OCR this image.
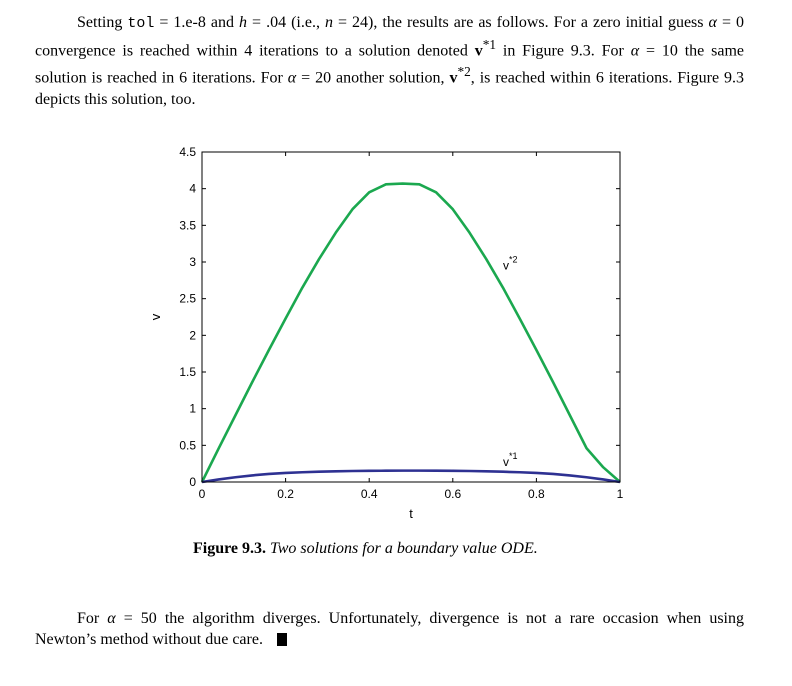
Setting tol = 1.e-8 and h = .04 (i.e., n = 24), the results are as follows. For a zero initial guess α = 0 convergence is reached within 4 iterations to a solution denoted $v^{*1}$ in Figure 9.3. For α = 10 the same solution is reached in 6 iterations. For α = 20 another solution, $v^{*2}$, is reached within 6 iterations. Figure 9.3 depicts this solution, too.

0	0.2	0.4	0.6	0.8	1
0
0.5
1
1.5
2
2.5
3
3.5
4
4.5
$v^{*2}$
$v^{*1}$
t
v
Figure 9.3. Two solutions for a boundary value ODE.

For α = 50 the algorithm diverges. Unfortunately, divergence is not a rare occasion when using Newton’s method without due care.
